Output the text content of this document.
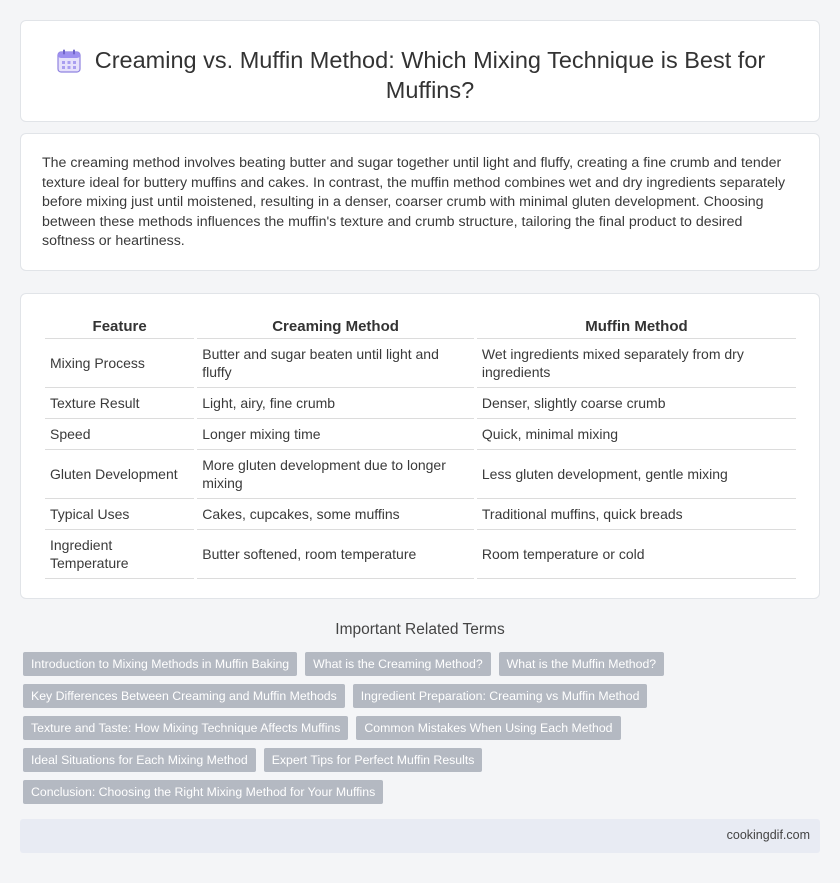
Creaming vs. Muffin Method: Which Mixing Technique is Best for Muffins?

The creaming method involves beating butter and sugar together until light and fluffy, creating a fine crumb and tender texture ideal for buttery muffins and cakes. In contrast, the muffin method combines wet and dry ingredients separately before mixing just until moistened, resulting in a denser, coarser crumb with minimal gluten development. Choosing between these methods influences the muffin's texture and crumb structure, tailoring the final product to desired softness or heartiness.

Feature	Creaming Method	Muffin Method
Mixing Process	Butter and sugar beaten until light and fluffy	Wet ingredients mixed separately from dry ingredients
Texture Result	Light, airy, fine crumb	Denser, slightly coarse crumb
Speed	Longer mixing time	Quick, minimal mixing
Gluten Development	More gluten development due to longer mixing	Less gluten development, gentle mixing
Typical Uses	Cakes, cupcakes, some muffins	Traditional muffins, quick breads
Ingredient Temperature	Butter softened, room temperature	Room temperature or cold
Important Related Terms
Introduction to Mixing Methods in Muffin Baking	What is the Creaming Method?	What is the Muffin Method?
Key Differences Between Creaming and Muffin Methods	Ingredient Preparation: Creaming vs Muffin Method
Texture and Taste: How Mixing Technique Affects Muffins	Common Mistakes When Using Each Method
Ideal Situations for Each Mixing Method	Expert Tips for Perfect Muffin Results
Conclusion: Choosing the Right Mixing Method for Your Muffins
cookingdif.com
